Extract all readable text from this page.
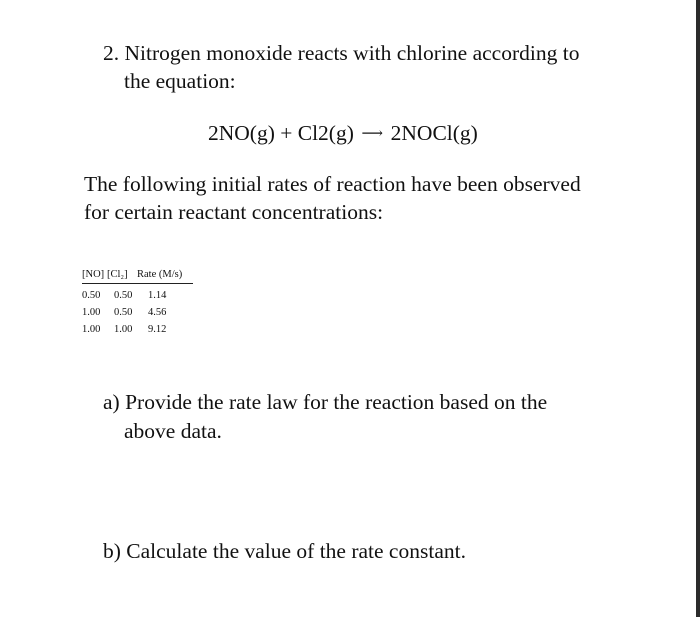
2. Nitrogen monoxide reacts with chlorine according to
the equation:
2NO(g) + Cl2(g) ⟶ 2NOCl(g)
The following initial rates of reaction have been observed
for certain reactant concentrations:
[NO] [Cl₂] Rate (M/s)
0.50	0.50	1.14
1.00	0.50	4.56
1.00	1.00	9.12
a) Provide the rate law for the reaction based on the
above data.
b) Calculate the value of the rate constant.
